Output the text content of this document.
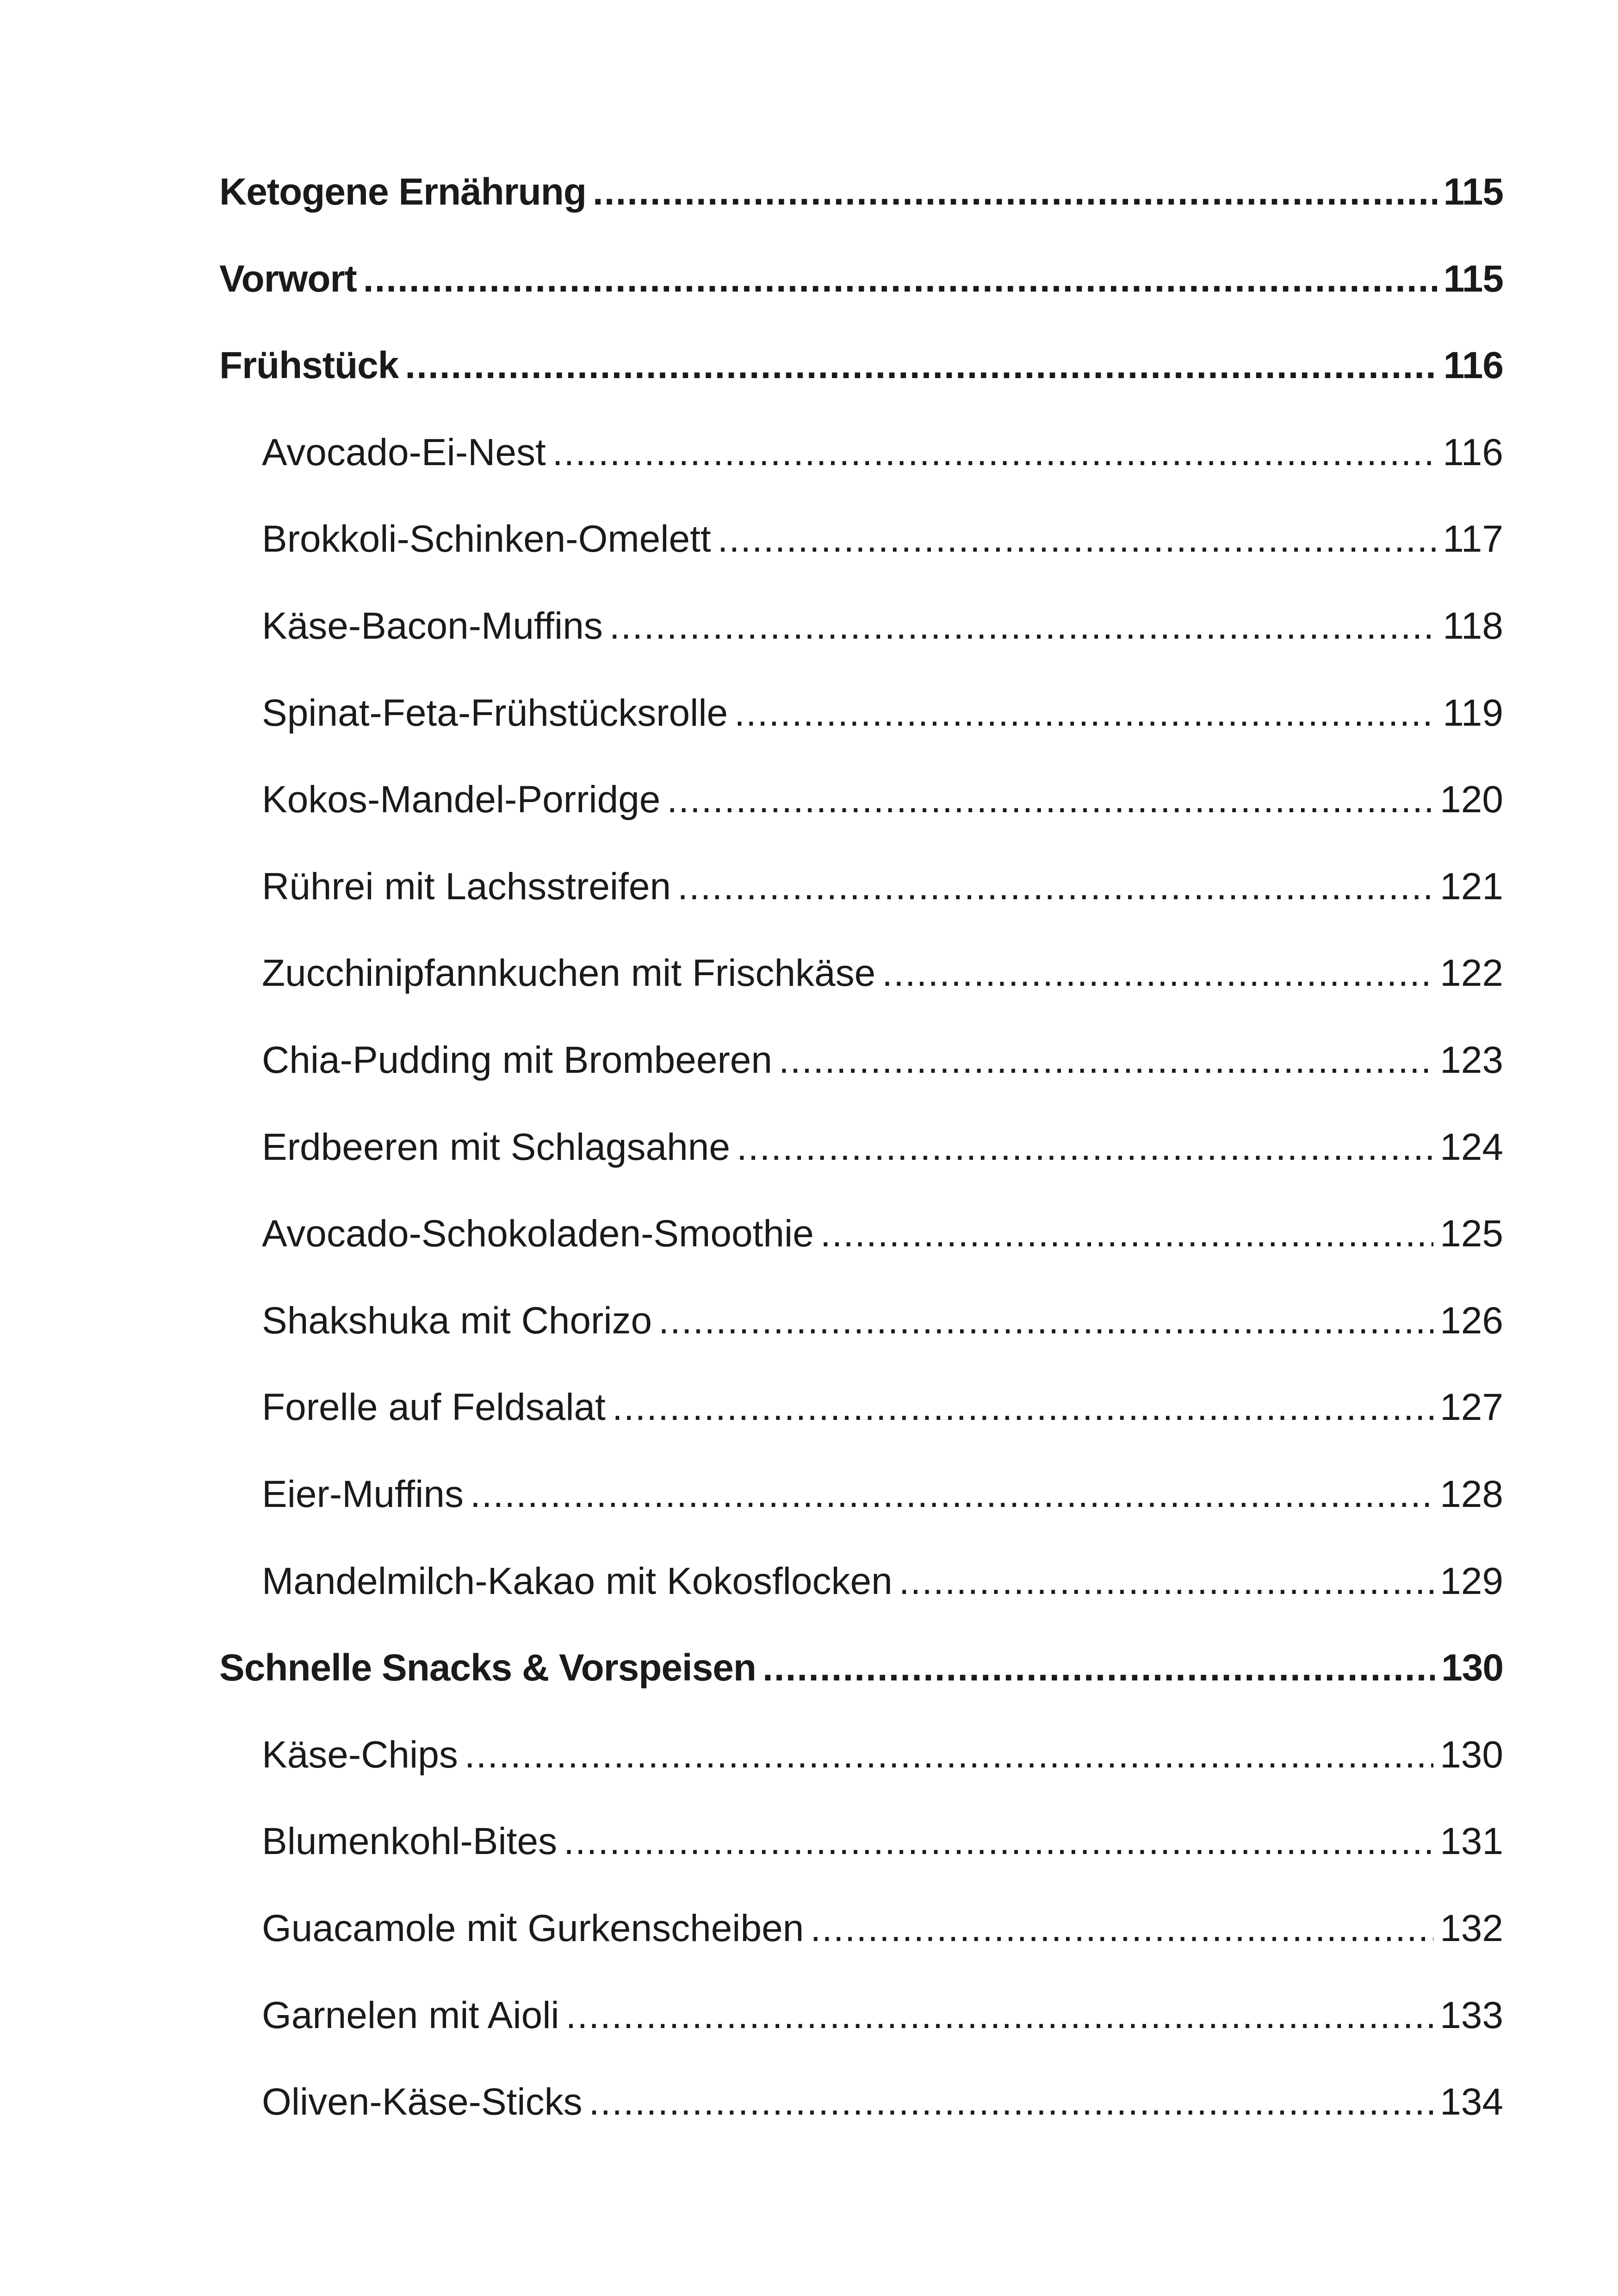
Ketogene Ernährung .....	115
Vorwort .....	115
Frühstück .....	116
Avocado-Ei-Nest .....	116
Brokkoli-Schinken-Omelett .....	117
Käse-Bacon-Muffins .....	118
Spinat-Feta-Frühstücksrolle .....	119
Kokos-Mandel-Porridge .....	120
Rührei mit Lachsstreifen .....	121
Zucchinipfannkuchen mit Frischkäse .....	122
Chia-Pudding mit Brombeeren .....	123
Erdbeeren mit Schlagsahne .....	124
Avocado-Schokoladen-Smoothie .....	125
Shakshuka mit Chorizo .....	126
Forelle auf Feldsalat .....	127
Eier-Muffins .....	128
Mandelmilch-Kakao mit Kokosflocken .....	129
Schnelle Snacks & Vorspeisen .....	130
Käse-Chips .....	130
Blumenkohl-Bites .....	131
Guacamole mit Gurkenscheiben .....	132
Garnelen mit Aioli .....	133
Oliven-Käse-Sticks .....	134
